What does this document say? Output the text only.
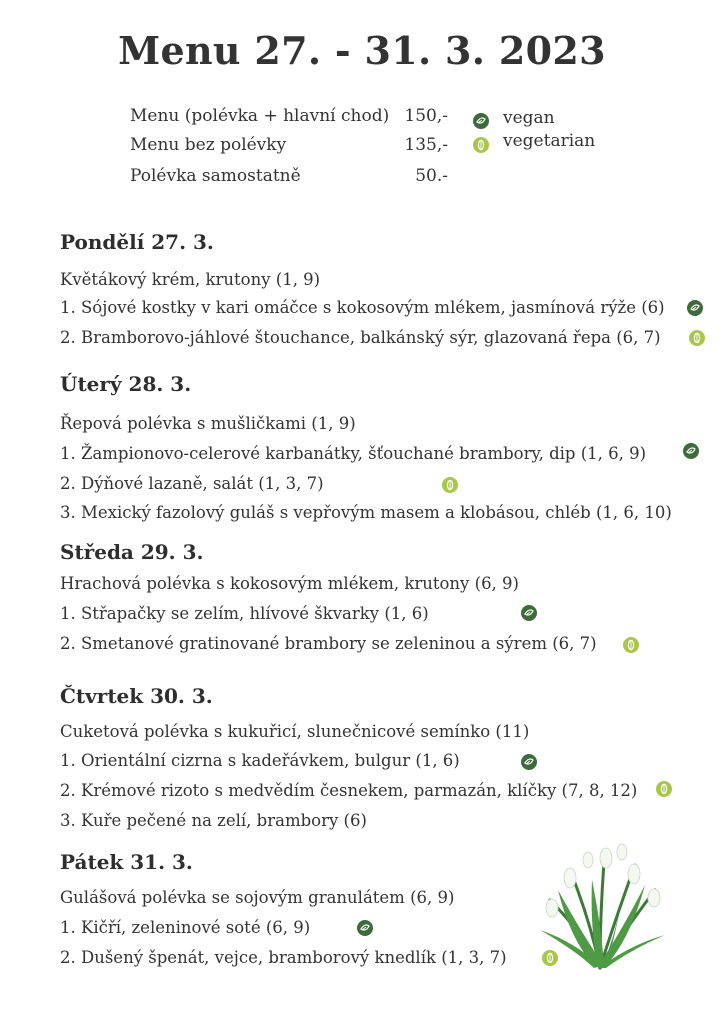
Menu 27. - 31. 3. 2023
Menu (polévka + hlavní chod) 150,-
Menu bez polévky	135,-
Polévka samostatně	50.-
vegan
vegetarian
Pondělí 27. 3.
Květákový krém, krutony (1, 9)
1. Sójové kostky v kari omáčce s kokosovým mlékem, jasmínová rýže (6)
2. Bramborovo-jáhlové štouchance, balkánský sýr, glazovaná řepa (6, 7)
Úterý 28. 3.
Řepová polévka s mušličkami (1, 9)
1. Žampionovo-celerové karbanátky, šťouchané brambory, dip (1, 6, 9)
2. Dýňové lazaně, salát (1, 3, 7)
3. Mexický fazolový guláš s vepřovým masem a klobásou, chléb (1, 6, 10)
Středa 29. 3.
Hrachová polévka s kokosovým mlékem, krutony (6, 9)
1. Střapačky se zelím, hlívové škvarky (1, 6)
2. Smetanové gratinované brambory se zeleninou a sýrem (6, 7)
Čtvrtek 30. 3.
Cuketová polévka s kukuřicí, slunečnicové semínko (11)
1. Orientální cizrna s kadeřávkem, bulgur (1, 6)
2. Krémové rizoto s medvědím česnekem, parmazán, klíčky (7, 8, 12)
3. Kuře pečené na zelí, brambory (6)
Pátek 31. 3.
Gulášová polévka se sojovým granulátem (6, 9)
1. Kičří, zeleninové soté (6, 9)
2. Dušený špenát, vejce, bramborový knedlík (1, 3, 7)
